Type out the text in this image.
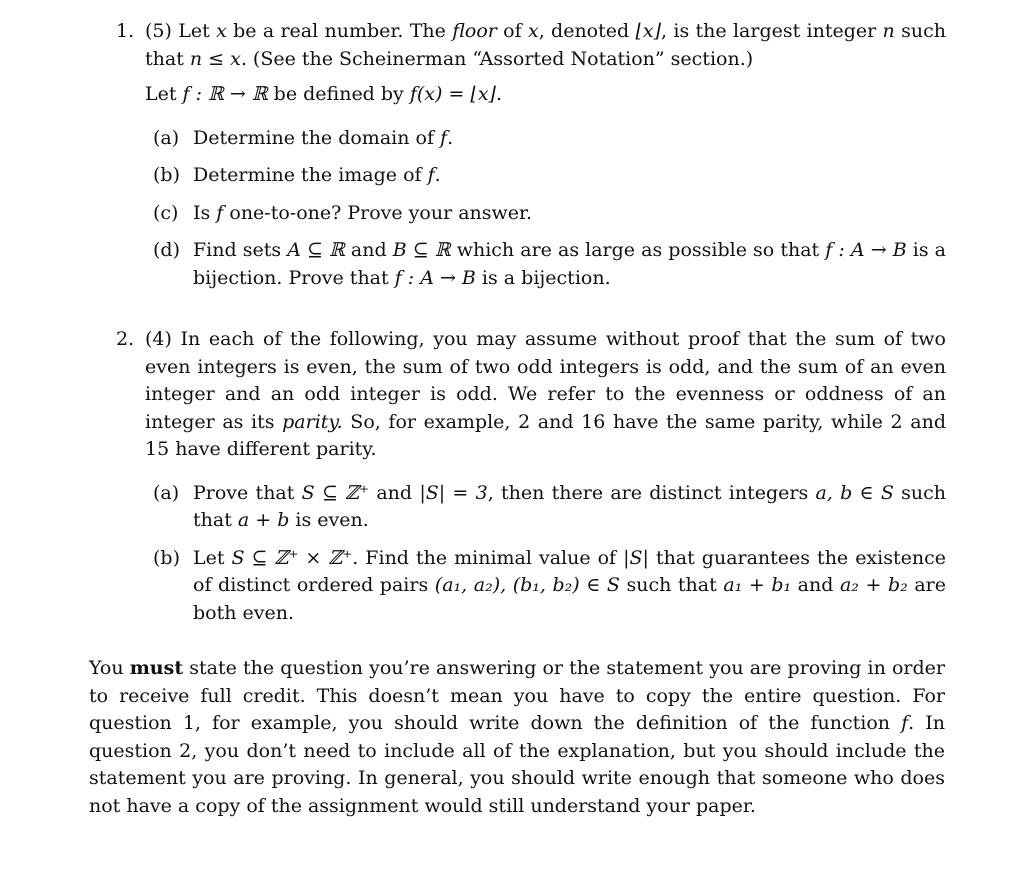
1. (5) Let x be a real number. The floor of x, denoted ⌊x⌋, is the largest integer n such that n ≤ x. (See the Scheinerman “Assorted Notation” section.)

Let f : ℝ → ℝ be defined by f(x) = ⌊x⌋.

(a) Determine the domain of f.
(b) Determine the image of f.
(c) Is f one-to-one? Prove your answer.
(d) Find sets A ⊆ ℝ and B ⊆ ℝ which are as large as possible so that f : A → B is a bijection. Prove that f : A → B is a bijection.
2. (4) In each of the following, you may assume without proof that the sum of two even integers is even, the sum of two odd integers is odd, and the sum of an even integer and an odd integer is odd. We refer to the evenness or oddness of an integer as its parity. So, for example, 2 and 16 have the same parity, while 2 and 15 have different parity.

(a) Prove that S ⊆ ℤ⁺ and |S| = 3, then there are distinct integers a, b ∈ S such that a + b is even.
(b) Let S ⊆ ℤ⁺ × ℤ⁺. Find the minimal value of |S| that guarantees the existence of distinct ordered pairs (a₁, a₂), (b₁, b₂) ∈ S such that a₁ + b₁ and a₂ + b₂ are both even.

You must state the question you’re answering or the statement you are proving in order to receive full credit. This doesn’t mean you have to copy the entire question. For question 1, for example, you should write down the definition of the function f. In question 2, you don’t need to include all of the explanation, but you should include the statement you are proving. In general, you should write enough that someone who does not have a copy of the assignment would still understand your paper.
